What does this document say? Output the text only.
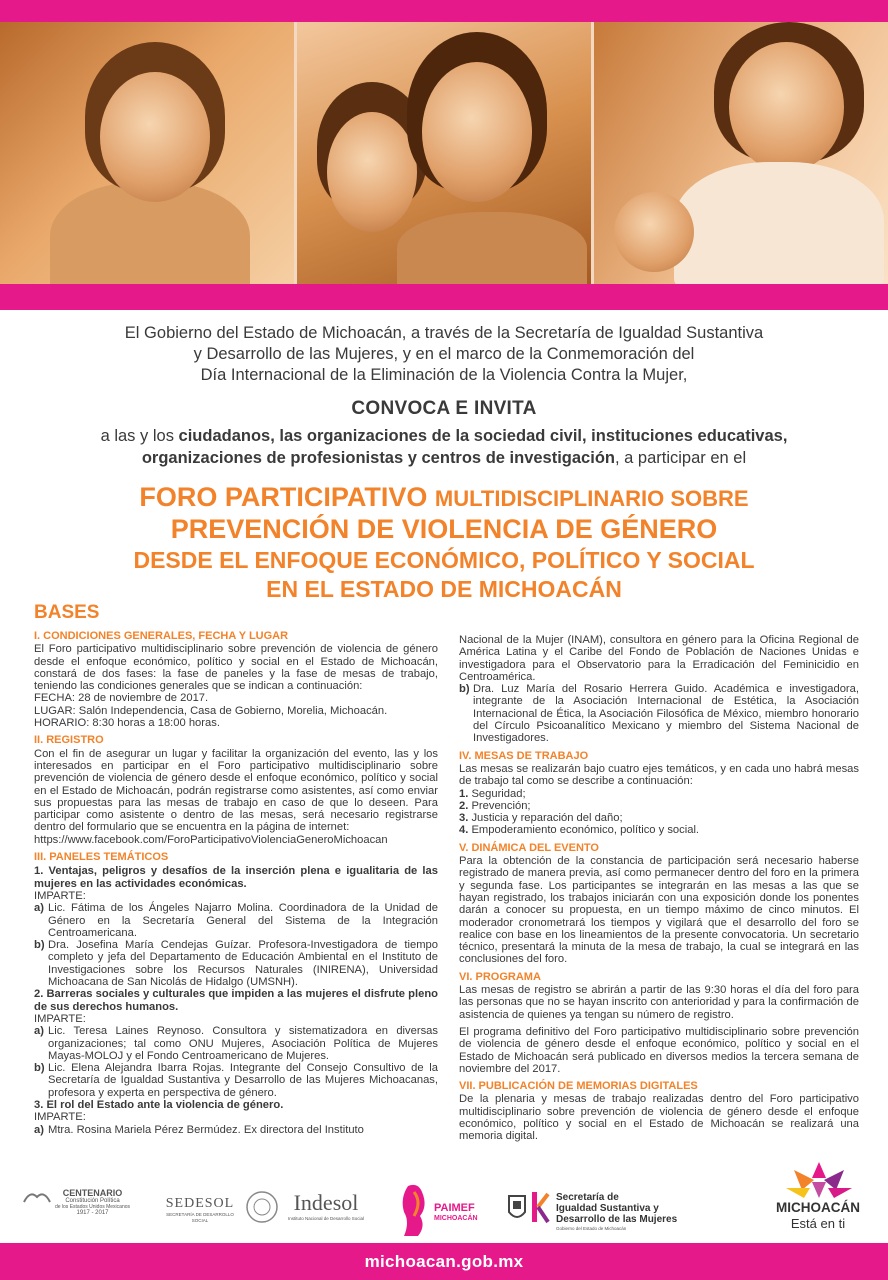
El Gobierno del Estado de Michoacán, a través de la Secretaría de Igualdad Sustantiva
y Desarrollo de las Mujeres, y en el marco de la Conmemoración del
Día Internacional de la Eliminación de la Violencia Contra la Mujer,
CONVOCA E INVITA
a las y los ciudadanos, las organizaciones de la sociedad civil, instituciones educativas,
organizaciones de profesionistas y centros de investigación, a participar en el
FORO PARTICIPATIVO MULTIDISCIPLINARIO SOBRE
PREVENCIÓN DE VIOLENCIA DE GÉNERO
DESDE EL ENFOQUE ECONÓMICO, POLÍTICO Y SOCIAL
EN EL ESTADO DE MICHOACÁN
BASES
I. CONDICIONES GENERALES, FECHA Y LUGAR

El Foro participativo multidisciplinario sobre prevención de violencia de género desde el enfoque económico, político y social en el Estado de Michoacán, constará de dos fases: la fase de paneles y la fase de mesas de trabajo, teniendo las condiciones generales que se indican a continuación:

FECHA: 28 de noviembre de 2017.

LUGAR: Salón Independencia, Casa de Gobierno, Morelia, Michoacán.

HORARIO: 8:30 horas a 18:00 horas.

II. REGISTRO

Con el fin de asegurar un lugar y facilitar la organización del evento, las y los interesados en participar en el Foro participativo multidisciplinario sobre prevención de violencia de género desde el enfoque económico, político y social en el Estado de Michoacán, podrán registrarse como asistentes, así como enviar sus propuestas para las mesas de trabajo en caso de que lo deseen. Para participar como asistente o dentro de las mesas, será necesario registrarse dentro del formulario que se encuentra en la página de internet:

https://www.facebook.com/ForoParticipativoViolenciaGeneroMichoacan

III. PANELES TEMÁTICOS

1. Ventajas, peligros y desafíos de la inserción plena e igualitaria de las mujeres en las actividades económicas.

IMPARTE:

a) Lic. Fátima de los Ángeles Najarro Molina. Coordinadora de la Unidad de Género en la Secretaría General del Sistema de la Integración Centroamericana.
b) Dra. Josefina María Cendejas Guízar. Profesora-Investigadora de tiempo completo y jefa del Departamento de Educación Ambiental en el Instituto de Investigaciones sobre los Recursos Naturales (INIRENA), Universidad Michoacana de San Nicolás de Hidalgo (UMSNH).

2. Barreras sociales y culturales que impiden a las mujeres el disfrute pleno de sus derechos humanos.

IMPARTE:

a) Lic. Teresa Laines Reynoso. Consultora y sistematizadora en diversas organizaciones; tal como ONU Mujeres, Asociación Política de Mujeres Mayas-MOLOJ y el Fondo Centroamericano de Mujeres.
b) Lic. Elena Alejandra Ibarra Rojas. Integrante del Consejo Consultivo de la Secretaría de Igualdad Sustantiva y Desarrollo de las Mujeres Michoacanas, profesora y experta en perspectiva de género.

3. El rol del Estado ante la violencia de género.

IMPARTE:

a) Mtra. Rosina Mariela Pérez Bermúdez. Ex directora del Instituto

Nacional de la Mujer (INAM), consultora en género para la Oficina Regional de América Latina y el Caribe del Fondo de Población de Naciones Unidas e investigadora para el Observatorio para la Erradicación del Feminicidio en Centroamérica.

b) Dra. Luz María del Rosario Herrera Guido. Académica e investigadora, integrante de la Asociación Internacional de Estética, la Asociación Internacional de Ética, la Asociación Filosófica de México, miembro honorario del Círculo Psicoanalítico Mexicano y miembro del Sistema Nacional de Investigadores.
IV. MESAS DE TRABAJO

Las mesas se realizarán bajo cuatro ejes temáticos, y en cada uno habrá mesas de trabajo tal como se describe a continuación:

1. Seguridad;
2. Prevención;
3. Justicia y reparación del daño;
4. Empoderamiento económico, político y social.
V. DINÁMICA DEL EVENTO

Para la obtención de la constancia de participación será necesario haberse registrado de manera previa, así como permanecer dentro del foro en la primera y segunda fase. Los participantes se integrarán en las mesas a las que se hayan registrado, los trabajos iniciarán con una exposición donde los ponentes darán a conocer su propuesta, en un tiempo máximo de cinco minutos. El moderador cronometrará los tiempos y vigilará que el desarrollo del foro se realice con base en los lineamientos de la presente convocatoria. Un secretario técnico, presentará la minuta de la mesa de trabajo, la cual se integrará en las conclusiones del foro.

VI. PROGRAMA

Las mesas de registro se abrirán a partir de las 9:30 horas el día del foro para las personas que no se hayan inscrito con anterioridad y para la confirmación de asistencia de quienes ya tengan su número de registro.

El programa definitivo del Foro participativo multidisciplinario sobre prevención de violencia de género desde el enfoque económico, político y social en el Estado de Michoacán será publicado en diversos medios la tercera semana de noviembre del 2017.

VII. PUBLICACIÓN DE MEMORIAS DIGITALES

De la plenaria y mesas de trabajo realizadas dentro del Foro participativo multidisciplinario sobre prevención de violencia de género desde el enfoque económico, político y social en el Estado de Michoacán se realizará una memoria digital.

CENTENARIO
Constitución Política
de los Estados Unidos Mexicanos
1917 - 2017
SEDESOL
SECRETARÍA DE DESARROLLO SOCIAL
Indesol
Instituto Nacional de Desarrollo Social
PAIMEF
MICHOACÁN
Secretaría de
Igualdad Sustantiva y
Desarrollo de las Mujeres
Gobierno del Estado de Michoacán
MICHOACÁN
Está en ti
michoacan.gob.mx
